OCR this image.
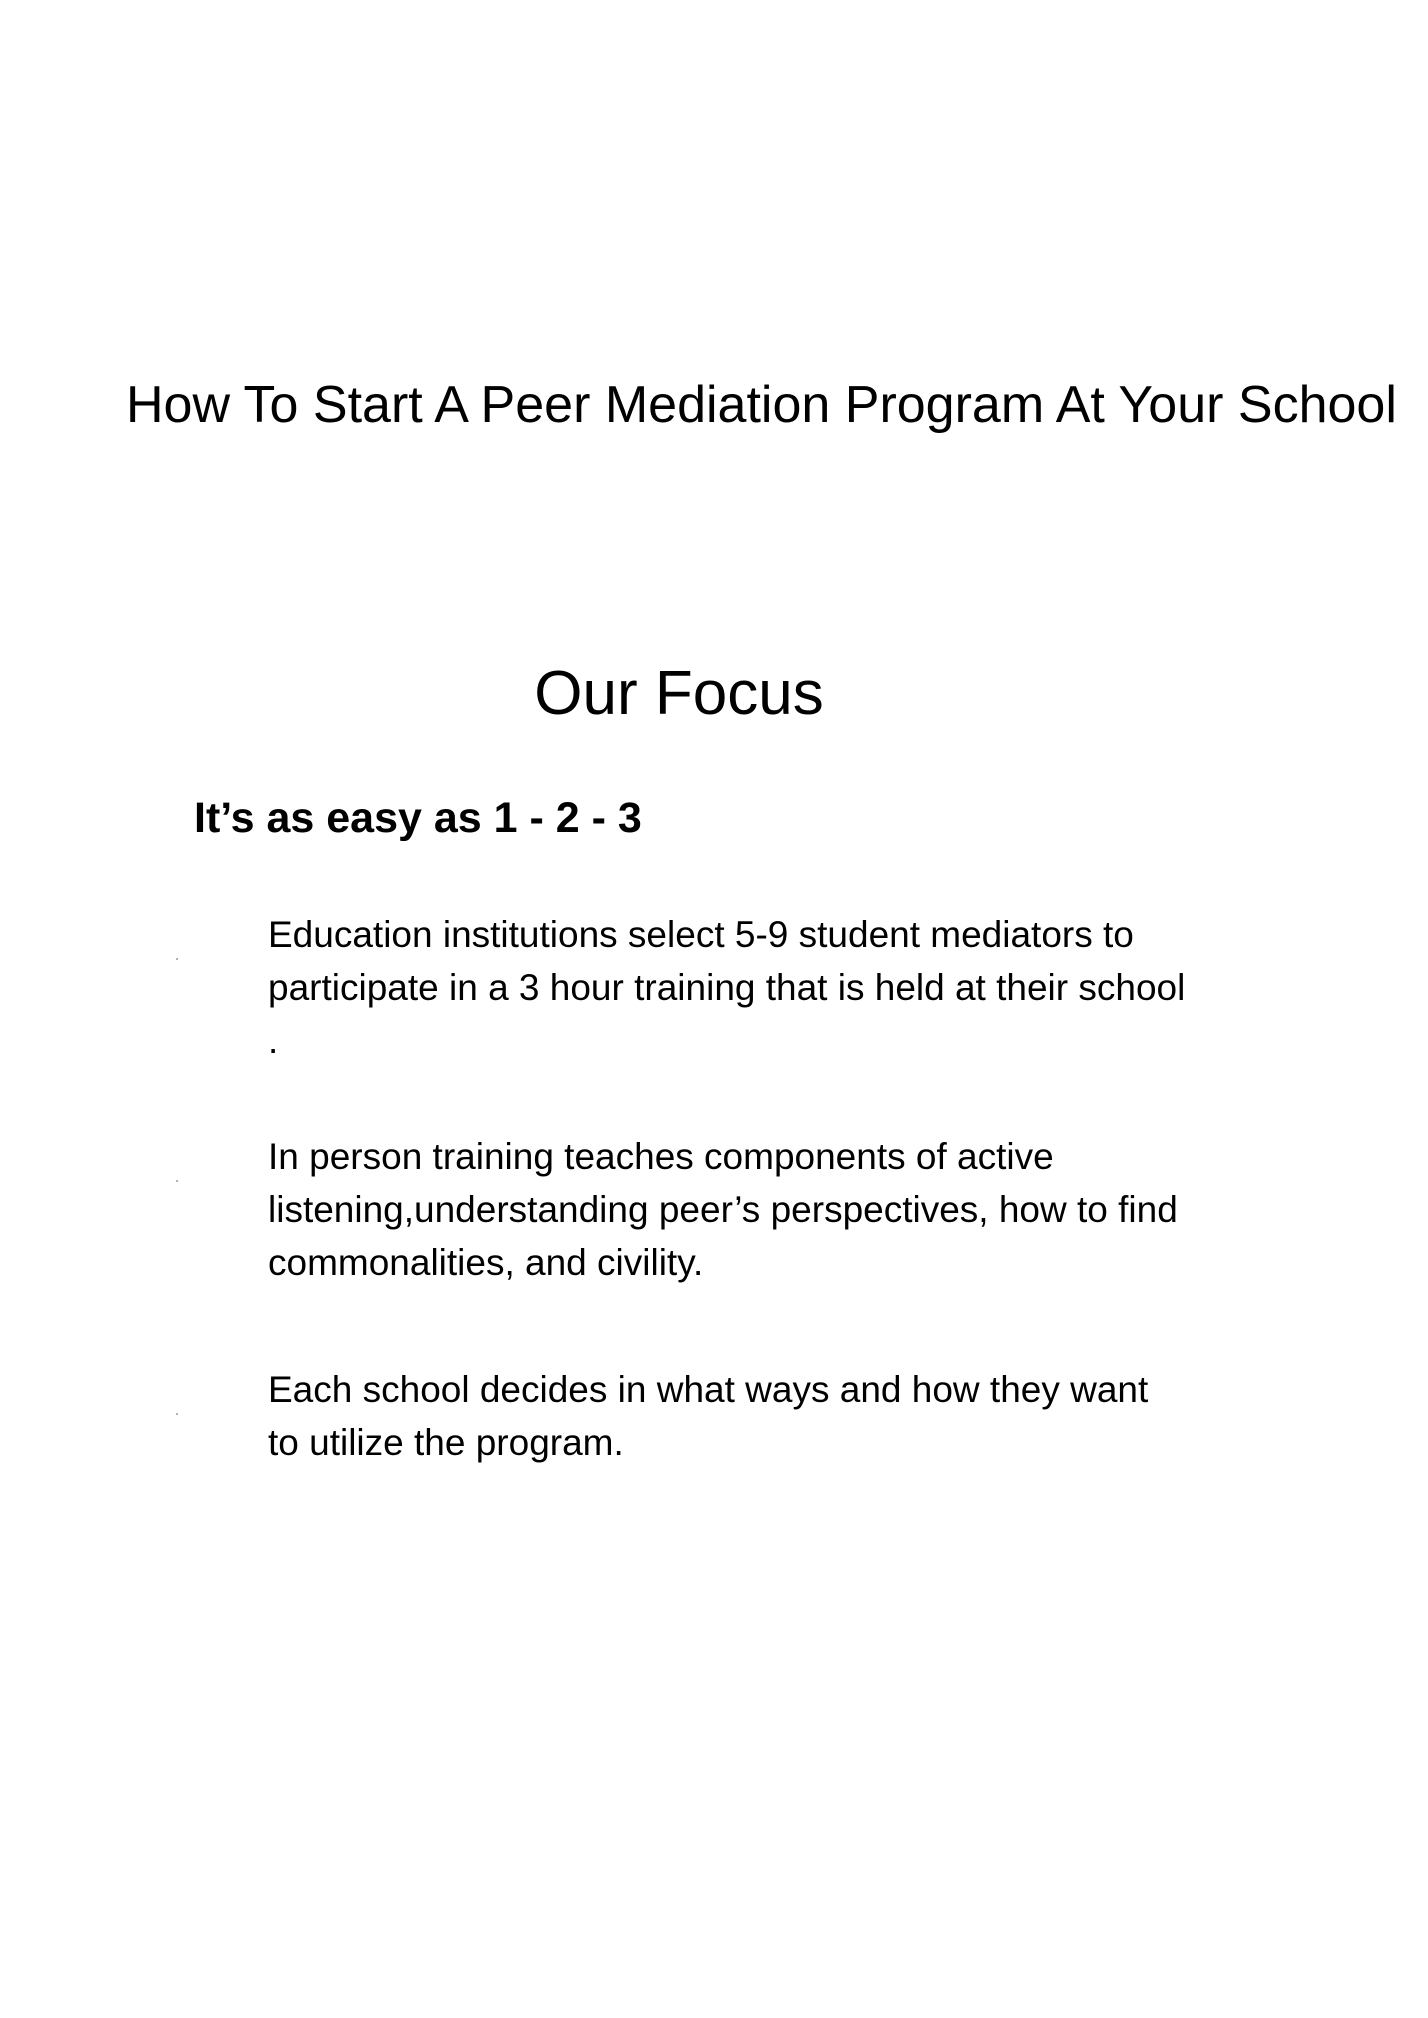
How To Start A Peer Mediation Program At Your School
Our Focus
It’s as easy as 1 - 2 - 3
Education institutions select 5-9 student mediators to
participate in a 3 hour training that is held at their school
.
In person training teaches components of active
listening,understanding peer’s perspectives, how to find
commonalities, and civility.
Each school decides in what ways and how they want
to utilize the program.
